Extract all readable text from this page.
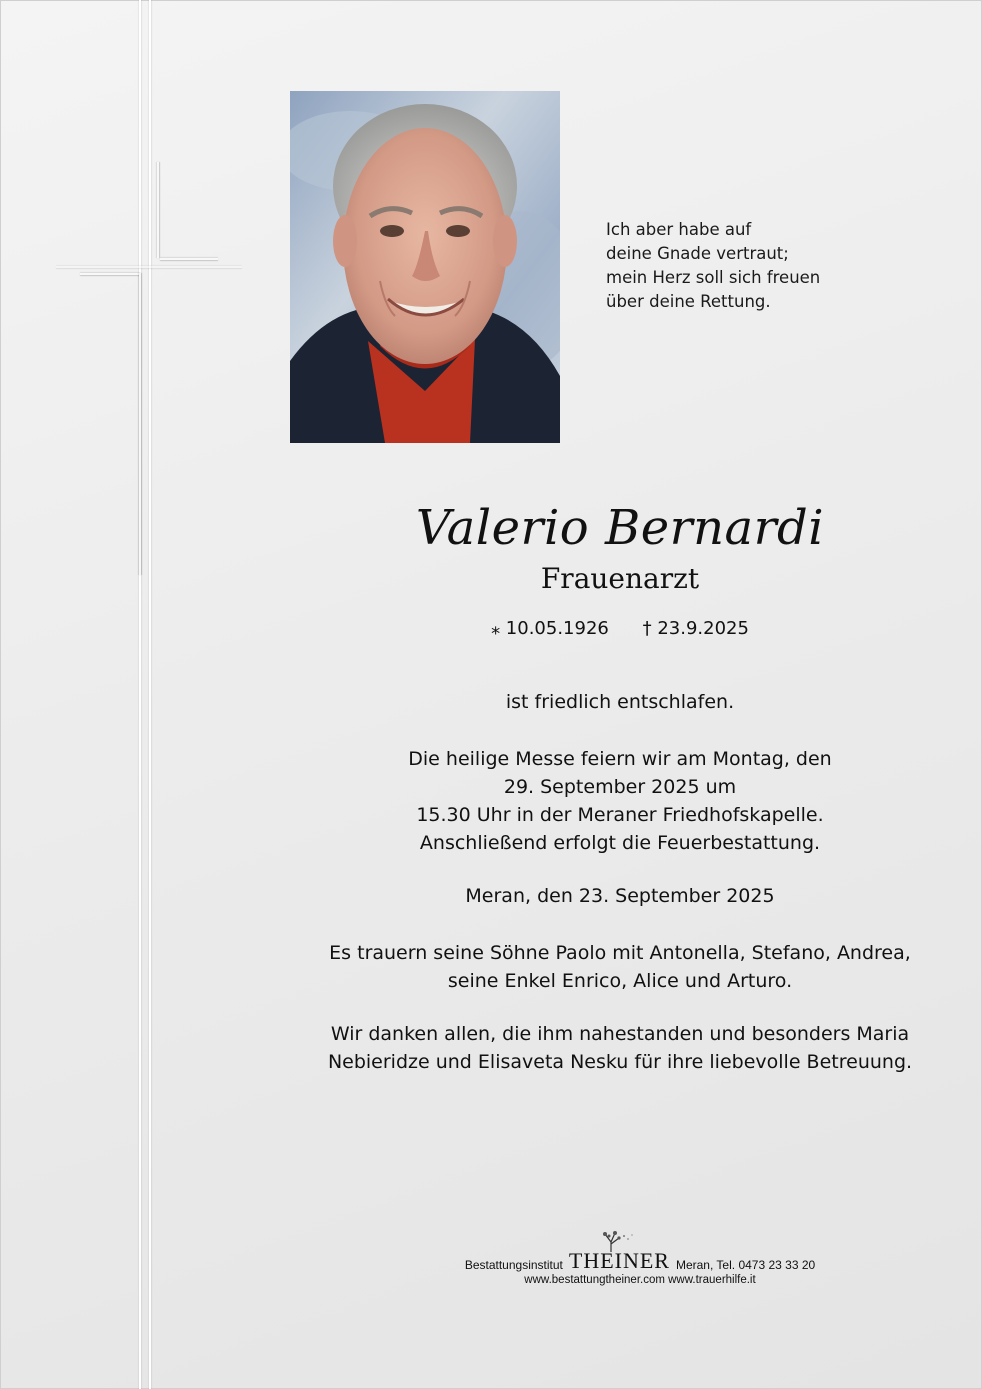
Ich aber habe auf
deine Gnade vertraut;
mein Herz soll sich freuen
über deine Rettung.
Valerio Bernardi
Frauenarzt
⁎ 10.05.1926 † 23.9.2025
ist friedlich entschlafen.
Die heilige Messe feiern wir am Montag, den
29. September 2025 um
15.30 Uhr in der Meraner Friedhofskapelle.
Anschließend erfolgt die Feuerbestattung.
Meran, den 23. September 2025
Es trauern seine Söhne Paolo mit Antonella, Stefano, Andrea,
seine Enkel Enrico, Alice und Arturo.
Wir danken allen, die ihm nahestanden und besonders Maria
Nebieridze und Elisaveta Nesku für ihre liebevolle Betreuung.
Bestattungsinstitut THEINER Meran, Tel. 0473 23 33 20
www.bestattungtheiner.com www.trauerhilfe.it
